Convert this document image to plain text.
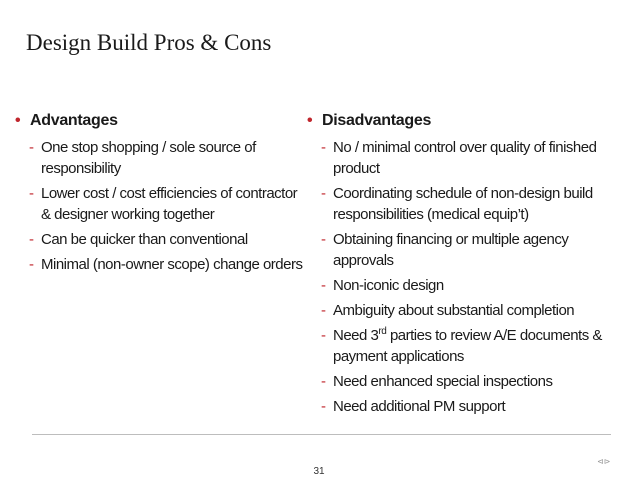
Design Build Pros & Cons
• Advantages
- One stop shopping / sole source of responsibility
- Lower cost / cost efficiencies of contractor & designer working together
- Can be quicker than conventional
- Minimal (non-owner scope) change orders
• Disadvantages
- No / minimal control over quality of finished product
- Coordinating schedule of non-design build responsibilities (medical equip’t)
- Obtaining financing or multiple agency approvals
- Non-iconic design
- Ambiguity about substantial completion
- Need 3rd parties to review A/E documents & payment applications
- Need enhanced special inspections
- Need additional PM support
⊲⊳
31
